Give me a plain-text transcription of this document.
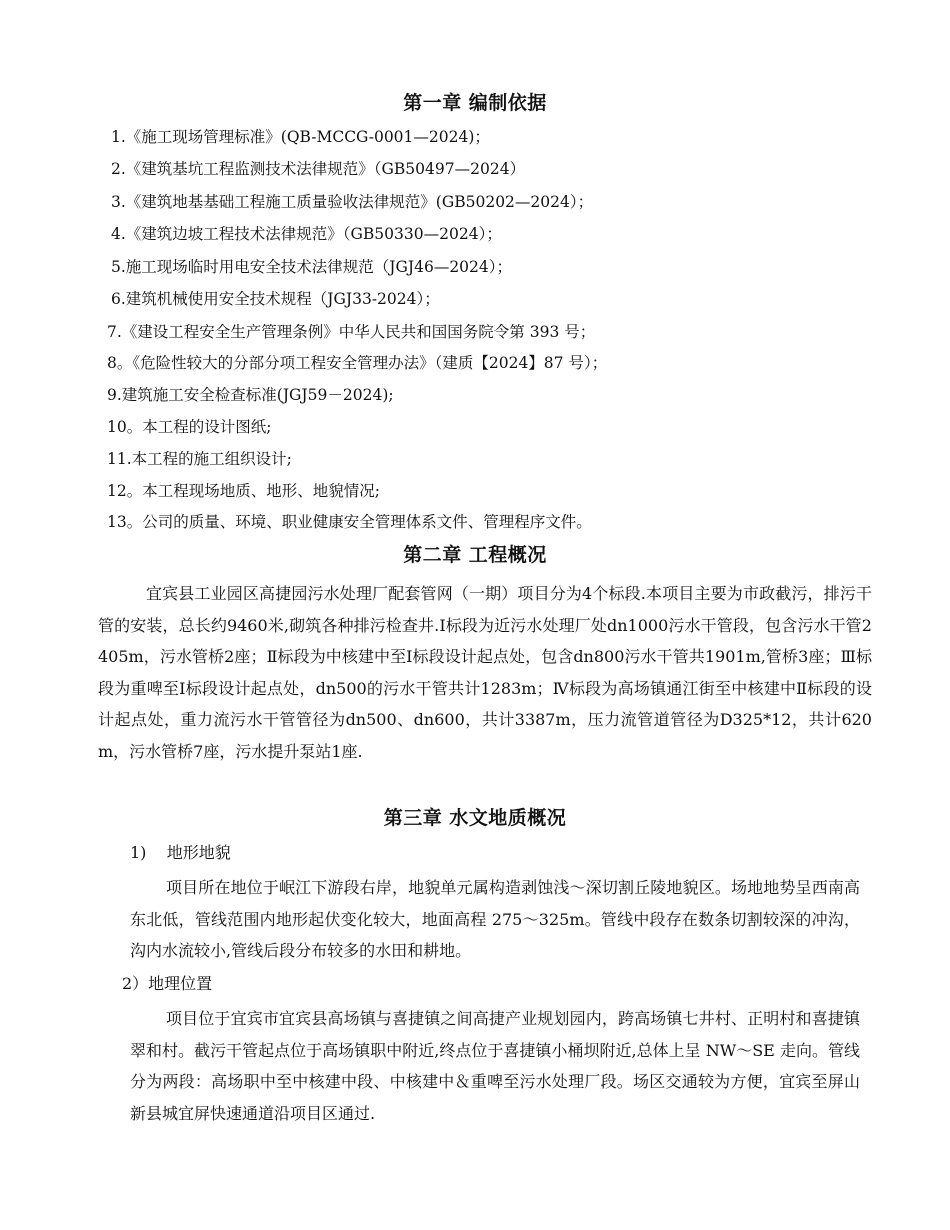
第一章 编制依据
1.《施工现场管理标准》(QB-MCCG-0001—2024)；
2.《建筑基坑工程监测技术法律规范》（GB50497—2024）
3.《建筑地基基础工程施工质量验收法律规范》(GB50202—2024）；
4.《建筑边坡工程技术法律规范》（GB50330—2024）；
5.施工现场临时用电安全技术法律规范（JGJ46—2024）；
6.建筑机械使用安全技术规程（JGJ33-2024）；
7.《建设工程安全生产管理条例》中华人民共和国国务院令第 393 号；
8。《危险性较大的分部分项工程安全管理办法》（建质【2024】87 号）；
9.建筑施工安全检查标准(JGJ59－2024);
10。本工程的设计图纸;
11.本工程的施工组织设计;
12。本工程现场地质、地形、地貌情况;
13。公司的质量、环境、职业健康安全管理体系文件、管理程序文件。
第二章 工程概况
宜宾县工业园区高捷园污水处理厂配套管网（一期）项目分为4个标段.本项目主要为市政截污，排污干管的安装，总长约9460米,砌筑各种排污检查井.Ⅰ标段为近污水处理厂处dn1000污水干管段，包含污水干管2405m，污水管桥2座；Ⅱ标段为中核建中至Ⅰ标段设计起点处，包含dn800污水干管共1901m,管桥3座；Ⅲ标段为重啤至Ⅰ标段设计起点处，dn500的污水干管共计1283m；Ⅳ标段为高场镇通江街至中核建中Ⅱ标段的设计起点处，重力流污水干管管径为dn500、dn600，共计3387m，压力流管道管径为D325*12，共计620m，污水管桥7座，污水提升泵站1座.
第三章 水文地质概况
1)    地形地貌
项目所在地位于岷江下游段右岸，地貌单元属构造剥蚀浅～深切割丘陵地貌区。场地地势呈西南高东北低，管线范围内地形起伏变化较大，地面高程 275～325m。管线中段存在数条切割较深的冲沟，沟内水流较小,管线后段分布较多的水田和耕地。
2）地理位置
项目位于宜宾市宜宾县高场镇与喜捷镇之间高捷产业规划园内，跨高场镇七井村、正明村和喜捷镇翠和村。截污干管起点位于高场镇职中附近,终点位于喜捷镇小桶坝附近,总体上呈 NW～SE 走向。管线分为两段：高场职中至中核建中段、中核建中＆重啤至污水处理厂段。场区交通较为方便，宜宾至屏山新县城宜屏快速通道沿项目区通过.
